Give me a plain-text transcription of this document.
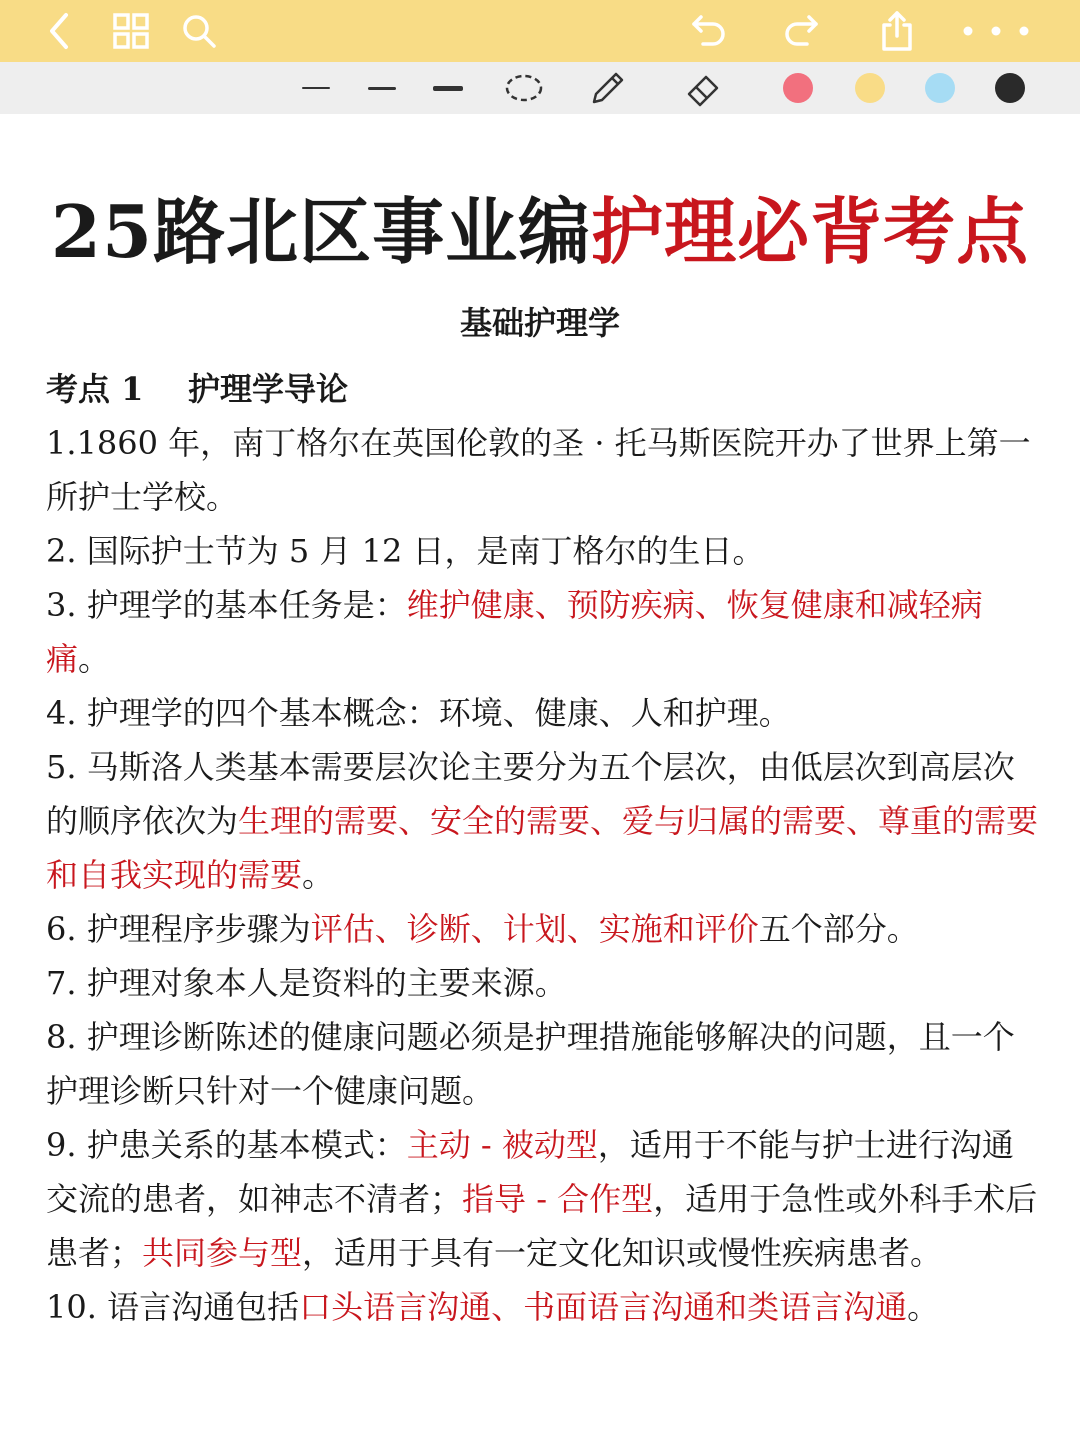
25路北区事业编护理必背考点
基础护理学

考点 1    护理学导论

1.1860 年，南丁格尔在英国伦敦的圣 · 托马斯医院开办了世界上第一所护士学校。

2. 国际护士节为 5 月 12 日，是南丁格尔的生日。

3. 护理学的基本任务是：维护健康、预防疾病、恢复健康和减轻病痛。

4. 护理学的四个基本概念：环境、健康、人和护理。

5. 马斯洛人类基本需要层次论主要分为五个层次，由低层次到高层次的顺序依次为生理的需要、安全的需要、爱与归属的需要、尊重的需要和自我实现的需要。

6. 护理程序步骤为评估、诊断、计划、实施和评价五个部分。

7. 护理对象本人是资料的主要来源。

8. 护理诊断陈述的健康问题必须是护理措施能够解决的问题，且一个护理诊断只针对一个健康问题。

9. 护患关系的基本模式：主动 - 被动型，适用于不能与护士进行沟通交流的患者，如神志不清者；指导 - 合作型，适用于急性或外科手术后患者；共同参与型，适用于具有一定文化知识或慢性疾病患者。

10. 语言沟通包括口头语言沟通、书面语言沟通和类语言沟通。
